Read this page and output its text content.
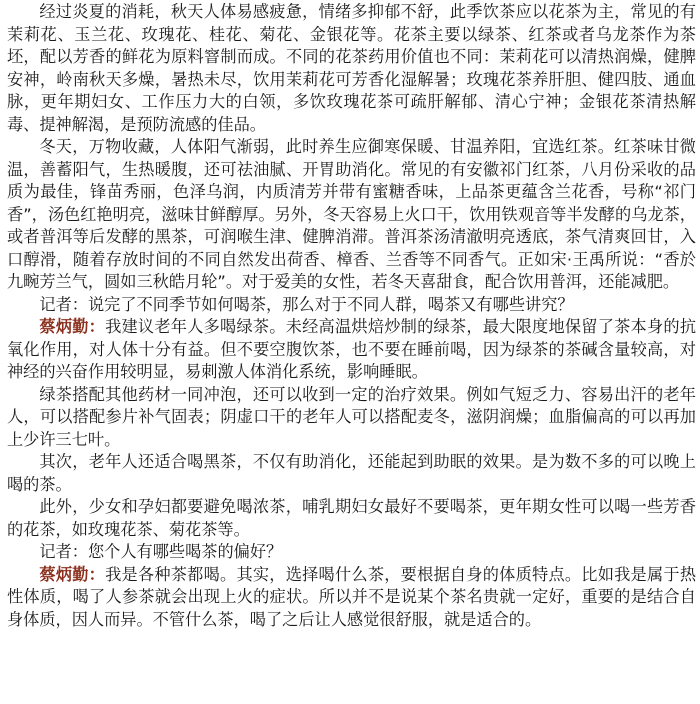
经过炎夏的消耗，秋天人体易感疲惫，情绪多抑郁不舒，此季饮茶应以花茶为主，常见的有茉莉花、玉兰花、玫瑰花、桂花、菊花、金银花等。花茶主要以绿茶、红茶或者乌龙茶作为茶坯，配以芳香的鲜花为原料窨制而成。不同的花茶药用价值也不同：茉莉花可以清热润燥，健脾安神，岭南秋天多燥，暑热未尽，饮用茉莉花可芳香化湿解暑；玫瑰花茶养肝胆、健四肢、通血脉，更年期妇女、工作压力大的白领，多饮玫瑰花茶可疏肝解郁、清心宁神；金银花茶清热解毒、提神解渴，是预防流感的佳品。

冬天，万物收藏，人体阳气渐弱，此时养生应御寒保暖、甘温养阳，宜选红茶。红茶味甘微温，善蓄阳气，生热暖腹，还可祛油腻、开胃助消化。常见的有安徽祁门红茶，八月份采收的品质为最佳，锋苗秀丽，色泽乌润，内质清芳并带有蜜糖香味，上品茶更蕴含兰花香，号称“祁门香”，汤色红艳明亮，滋味甘鲜醇厚。另外，冬天容易上火口干，饮用铁观音等半发酵的乌龙茶，或者普洱等后发酵的黑茶，可润喉生津、健脾消滞。普洱茶汤清澈明亮透底，茶气清爽回甘，入口醇滑，随着存放时间的不同自然发出荷香、樟香、兰香等不同香气。正如宋·王禹所说：“香於九畹芳兰气，圆如三秋皓月轮”。对于爱美的女性，若冬天喜甜食，配合饮用普洱，还能减肥。

记者：说完了不同季节如何喝茶，那么对于不同人群，喝茶又有哪些讲究？

蔡炳勤：我建议老年人多喝绿茶。未经高温烘焙炒制的绿茶，最大限度地保留了茶本身的抗氧化作用，对人体十分有益。但不要空腹饮茶，也不要在睡前喝，因为绿茶的茶碱含量较高，对神经的兴奋作用较明显，易刺激人体消化系统，影响睡眠。

绿茶搭配其他药材一同冲泡，还可以收到一定的治疗效果。例如气短乏力、容易出汗的老年人，可以搭配参片补气固表；阴虚口干的老年人可以搭配麦冬，滋阴润燥；血脂偏高的可以再加上少许三七叶。

其次，老年人还适合喝黑茶，不仅有助消化，还能起到助眠的效果。是为数不多的可以晚上喝的茶。

此外，少女和孕妇都要避免喝浓茶，哺乳期妇女最好不要喝茶，更年期女性可以喝一些芳香的花茶，如玫瑰花茶、菊花茶等。

记者：您个人有哪些喝茶的偏好？

蔡炳勤：我是各种茶都喝。其实，选择喝什么茶，要根据自身的体质特点。比如我是属于热性体质，喝了人参茶就会出现上火的症状。所以并不是说某个茶名贵就一定好，重要的是结合自身体质，因人而异。不管什么茶，喝了之后让人感觉很舒服，就是适合的。
